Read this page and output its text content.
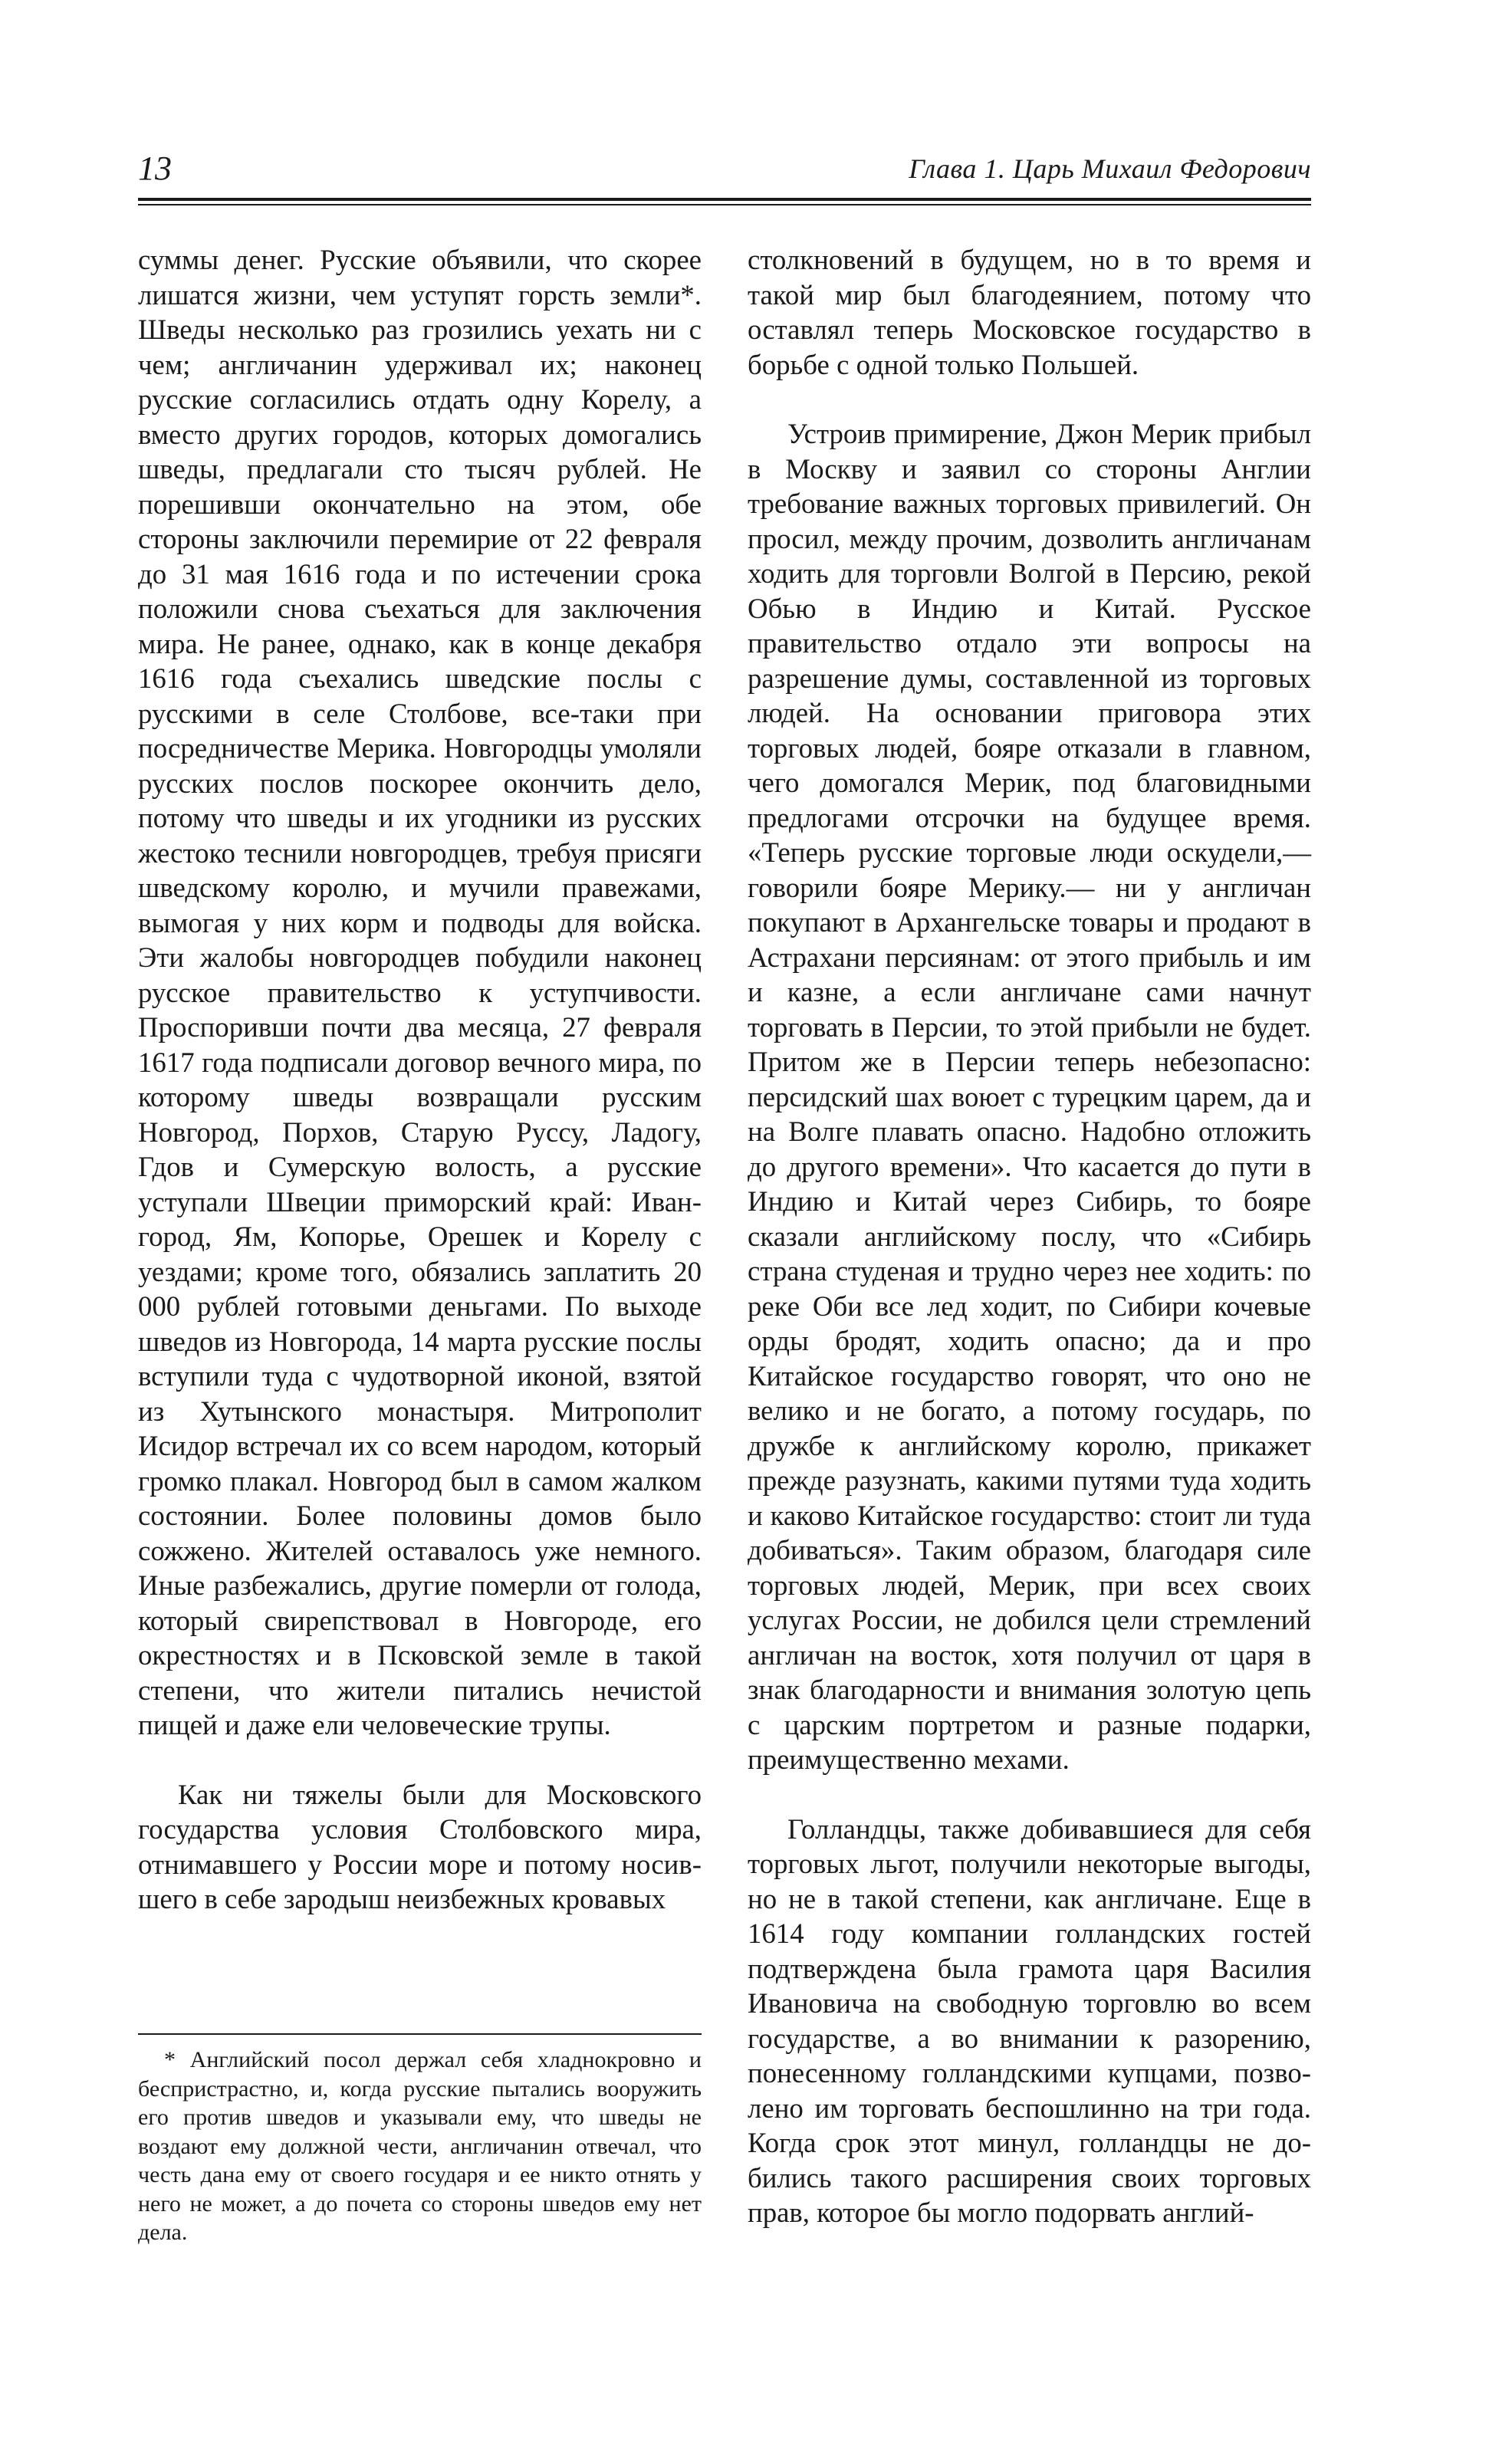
13	Глава 1. Царь Михаил Федорович

суммы денег. Русские объявили, что скорее лишатся жизни, чем уступят горсть земли*. Шведы несколько раз грозились уехать ни с чем; англичанин удерживал их; наконец русские согласились отдать одну Корелу, а вместо других городов, которых домогались шведы, предлагали сто тысяч рублей. Не порешивши окончательно на этом, обе стороны заключили перемирие от 22 февраля до 31 мая 1616 года и по истечении срока положили снова съехаться для заключения мира. Не ранее, однако, как в конце декабря 1616 года съехались шведские послы с русскими в селе Столбове, все-таки при посредничестве Мерика. Новгородцы умоляли русских послов поскорее окончить дело, потому что шведы и их угодники из русских жестоко теснили новгородцев, требуя присяги шведскому королю, и мучили правежами, вымогая у них корм и подводы для войска. Эти жалобы новгородцев побудили наконец русское правительство к уступчивости. Проспоривши почти два месяца, 27 февраля 1617 года подписали договор вечного мира, по которому шведы возвращали русским Новгород, Порхов, Старую Руссу, Ладогу, Гдов и Сумерскую волость, а русские уступали Швеции приморский край: Иван-город, Ям, Копорье, Орешек и Корелу с уездами; кроме того, обязались заплатить 20 000 рублей готовыми деньгами. По выходе шведов из Новгорода, 14 марта русские послы вступили туда с чудотворной иконой, взятой из Хутынского монастыря. Митрополит Исидор встречал их со всем народом, который громко плакал. Новгород был в самом жалком состоянии. Более половины домов было сожжено. Жителей оставалось уже немного. Иные разбежались, другие померли от голода, который свирепствовал в Новгороде, его окрестностях и в Псковской земле в такой степени, что жители питались нечистой пищей и даже ели человеческие трупы.

Как ни тяжелы были для Московского государства условия Столбовского мира, отнимавшего у России море и потому носившего в себе зародыш неизбежных кровавых

* Английский посол держал себя хладнокровно и беспристрастно, и, когда русские пытались вооружить его против шведов и указывали ему, что шведы не воздают ему должной чести, англичанин отвечал, что честь дана ему от своего государя и ее никто отнять у него не может, а до почета со стороны шведов ему нет дела.

столкновений в будущем, но в то время и такой мир был благодеянием, потому что оставлял теперь Московское государство в борьбе с одной только Польшей.

Устроив примирение, Джон Мерик прибыл в Москву и заявил со стороны Англии требование важных торговых привилегий. Он просил, между прочим, дозволить англичанам ходить для торговли Волгой в Персию, рекой Обью в Индию и Китай. Русское правительство отдало эти вопросы на разрешение думы, составленной из торговых людей. На основании приговора этих торговых людей, бояре отказали в главном, чего домогался Мерик, под благовидными предлогами отсрочки на будущее время. «Теперь русские торговые люди оскудели,— говорили бояре Мерику.— ни у англичан покупают в Архангельске товары и продают в Астрахани персиянам: от этого прибыль и им и казне, а если англичане сами начнут торговать в Персии, то этой прибыли не будет. Притом же в Персии теперь небезопасно: персидский шах воюет с турецким царем, да и на Волге плавать опасно. Надобно отложить до другого времени». Что касается до пути в Индию и Китай через Сибирь, то бояре сказали английскому послу, что «Сибирь страна студеная и трудно через нее ходить: по реке Оби все лед ходит, по Сибири кочевые орды бродят, ходить опасно; да и про Китайское государство говорят, что оно не велико и не богато, а потому государь, по дружбе к английскому королю, прикажет прежде разузнать, какими путями туда ходить и каково Китайское государство: стоит ли туда добиваться». Таким образом, благодаря силе торговых людей, Мерик, при всех своих услугах России, не добился цели стремлений англичан на восток, хотя получил от царя в знак благодарности и внимания золотую цепь с царским портретом и разные подарки, преимущественно мехами.

Голландцы, также добивавшиеся для себя торговых льгот, получили некоторые выгоды, но не в такой степени, как англичане. Еще в 1614 году компании голландских гостей подтверждена была грамота царя Василия Ивановича на свободную торговлю во всем государстве, а во внимании к разорению, понесенному голландскими купцами, позволено им торговать беспошлинно на три года. Когда срок этот минул, голландцы не добились такого расширения своих торговых прав, которое бы могло подорвать англий-
